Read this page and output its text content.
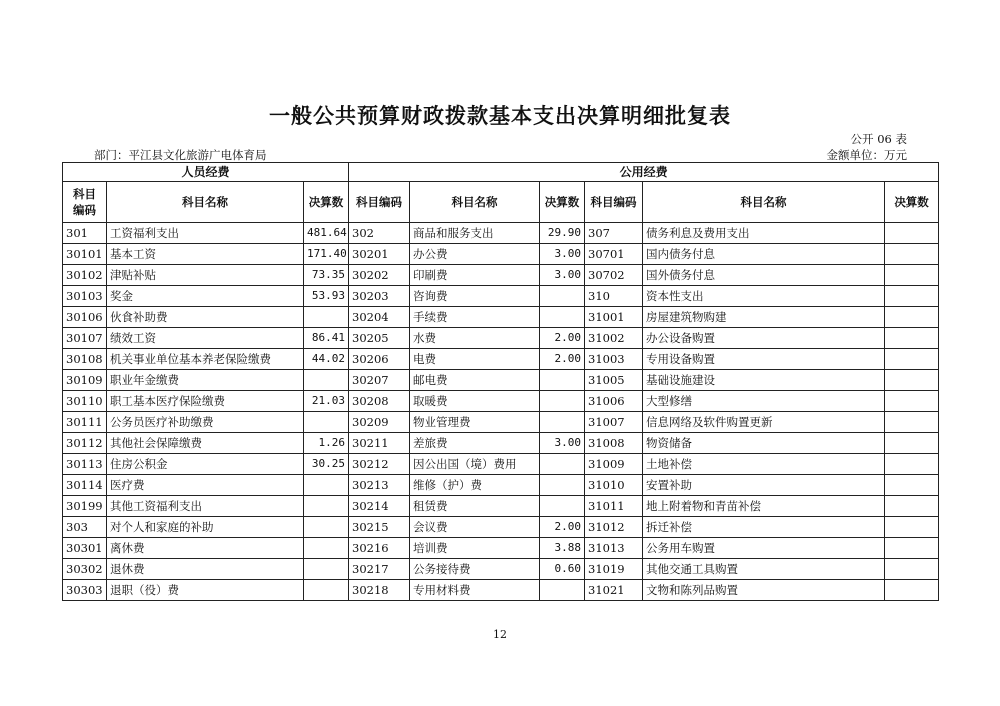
一般公共预算财政拨款基本支出决算明细批复表
公开 06 表
部门：平江县文化旅游广电体育局	金额单位：万元
人员经费			公用经费					
科目
编码	科目名称	决算数	科目编码	科目名称	决算数	科目编码	科目名称	决算数
301	工资福利支出	481.64	302	商品和服务支出	29.90	307	债务利息及费用支出	
30101	基本工资	171.40	30201	办公费	3.00	30701	国内债务付息	
30102	津贴补贴	73.35	30202	印刷费	3.00	30702	国外债务付息	
30103	奖金	53.93	30203	咨询费		310	资本性支出	
30106	伙食补助费		30204	手续费		31001	房屋建筑物购建	
30107	绩效工资	86.41	30205	水费	2.00	31002	办公设备购置	
30108	机关事业单位基本养老保险缴费	44.02	30206	电费	2.00	31003	专用设备购置	
30109	职业年金缴费		30207	邮电费		31005	基础设施建设	
30110	职工基本医疗保险缴费	21.03	30208	取暖费		31006	大型修缮	
30111	公务员医疗补助缴费		30209	物业管理费		31007	信息网络及软件购置更新	
30112	其他社会保障缴费	1.26	30211	差旅费	3.00	31008	物资储备	
30113	住房公积金	30.25	30212	因公出国（境）费用		31009	土地补偿	
30114	医疗费		30213	维修（护）费		31010	安置补助	
30199	其他工资福利支出		30214	租赁费		31011	地上附着物和青苗补偿	
303	对个人和家庭的补助		30215	会议费	2.00	31012	拆迁补偿	
30301	离休费		30216	培训费	3.88	31013	公务用车购置	
30302	退休费		30217	公务接待费	0.60	31019	其他交通工具购置	
30303	退职（役）费		30218	专用材料费		31021	文物和陈列品购置	
12
